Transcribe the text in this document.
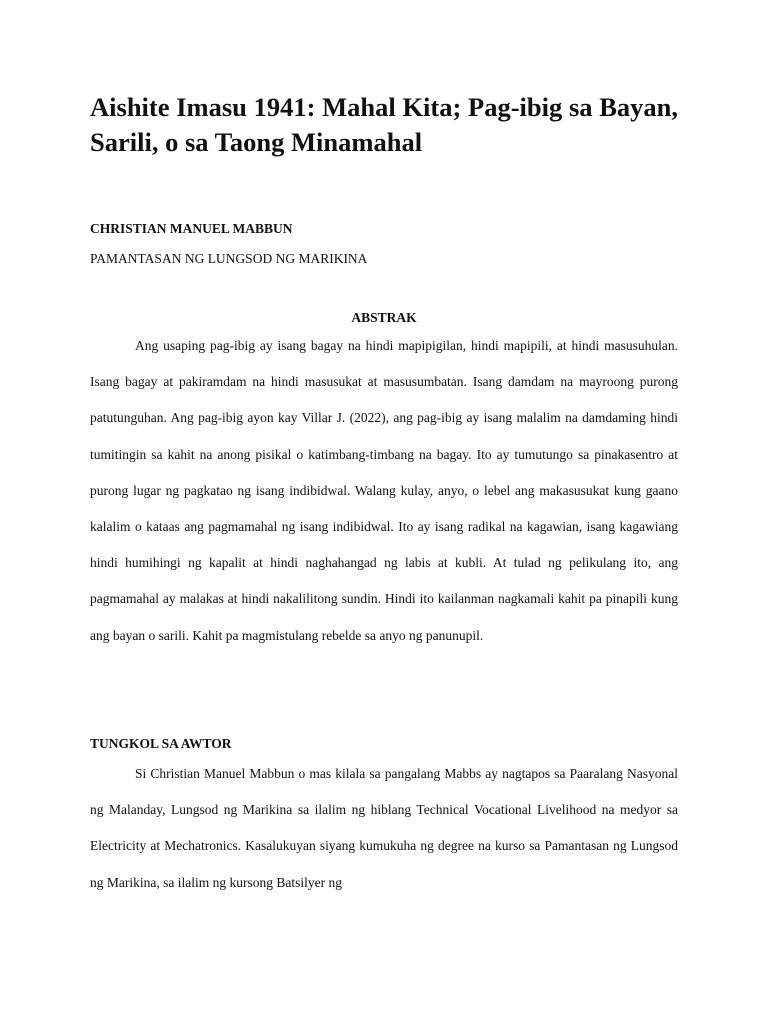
Aishite Imasu 1941: Mahal Kita; Pag-ibig sa Bayan, Sarili, o sa Taong Minamahal

CHRISTIAN MANUEL MABBUN

PAMANTASAN NG LUNGSOD NG MARIKINA

ABSTRAK

Ang usaping pag-ibig ay isang bagay na hindi mapipigilan, hindi mapipili, at hindi masusuhulan. Isang bagay at pakiramdam na hindi masusukat at masusumbatan. Isang damdam na mayroong purong patutunguhan. Ang pag-ibig ayon kay Villar J. (2022), ang pag-ibig ay isang malalim na damdaming hindi tumitingin sa kahit na anong pisikal o katimbang-timbang na bagay. Ito ay tumutungo sa pinakasentro at purong lugar ng pagkatao ng isang indibidwal. Walang kulay, anyo, o lebel ang makasusukat kung gaano kalalim o kataas ang pagmamahal ng isang indibidwal. Ito ay isang radikal na kagawian, isang kagawiang hindi humihingi ng kapalit at hindi naghahangad ng labis at kubli. At tulad ng pelikulang ito, ang pagmamahal ay malakas at hindi nakalilitong sundin. Hindi ito kailanman nagkamali kahit pa pinapili kung ang bayan o sarili. Kahit pa magmistulang rebelde sa anyo ng panunupil.

TUNGKOL SA AWTOR

Si Christian Manuel Mabbun o mas kilala sa pangalang Mabbs ay nagtapos sa Paaralang Nasyonal ng Malanday, Lungsod ng Marikina sa ilalim ng hiblang Technical Vocational Livelihood na medyor sa Electricity at Mechatronics. Kasalukuyan siyang kumukuha ng degree na kurso sa Pamantasan ng Lungsod ng Marikina, sa ilalim ng kursong Batsilyer ng
